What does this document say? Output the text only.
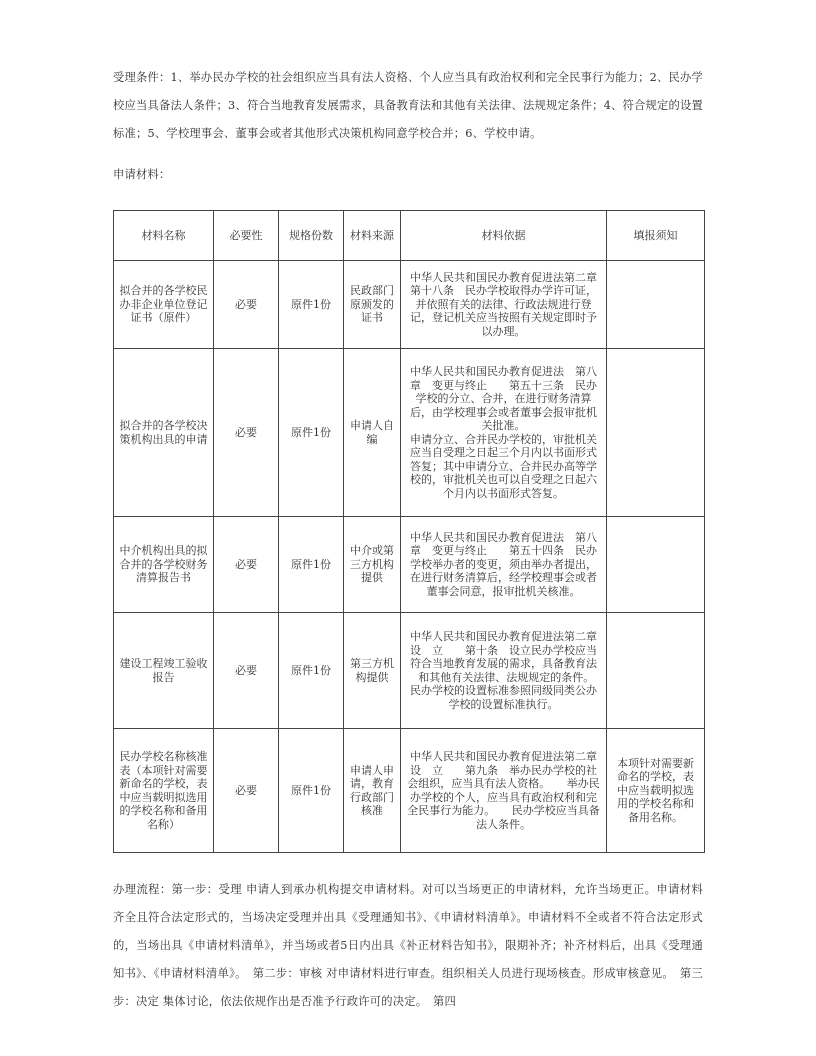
受理条件：1、举办民办学校的社会组织应当具有法人资格、个人应当具有政治权利和完全民事行为能力；2、民办学校应当具备法人条件；3、符合当地教育发展需求，具备教育法和其他有关法律、法规规定条件；4、符合规定的设置标准；5、学校理事会、董事会或者其他形式决策机构同意学校合并；6、学校申请。

申请材料：

材料名称	必要性	规格份数	材料来源	材料依据	填报须知
拟合并的各学校民办非企业单位登记证书（原件）	必要	原件1份	民政部门原颁发的证书	中华人民共和国民办教育促进法第二章第十八条　民办学校取得办学许可证，并依照有关的法律、行政法规进行登记，登记机关应当按照有关规定即时予以办理。	
拟合并的各学校决策机构出具的申请	必要	原件1份	申请人自编	中华人民共和国民办教育促进法　第八章　变更与终止　　第五十三条　民办学校的分立、合并，在进行财务清算后，由学校理事会或者董事会报审批机关批准。
申请分立、合并民办学校的，审批机关应当自受理之日起三个月内以书面形式答复；其中申请分立、合并民办高等学校的，审批机关也可以自受理之日起六个月内以书面形式答复。	
中介机构出具的拟合并的各学校财务清算报告书	必要	原件1份	中介或第三方机构提供	中华人民共和国民办教育促进法　第八章　变更与终止　　第五十四条　民办学校举办者的变更，须由举办者提出，在进行财务清算后，经学校理事会或者董事会同意，报审批机关核准。	
建设工程竣工验收报告	必要	原件1份	第三方机构提供	中华人民共和国民办教育促进法第二章　设　立　　第十条　设立民办学校应当符合当地教育发展的需求，具备教育法和其他有关法律、法规规定的条件。　　民办学校的设置标准参照同级同类公办学校的设置标准执行。	
民办学校名称核准表（本项针对需要新命名的学校，表中应当载明拟选用的学校名称和备用名称）	必要	原件1份	申请人申请，教育行政部门核准	中华人民共和国民办教育促进法第二章　设　立　　第九条　举办民办学校的社会组织，应当具有法人资格。　　举办民办学校的个人，应当具有政治权利和完全民事行为能力。　　民办学校应当具备法人条件。	本项针对需要新命名的学校，表中应当载明拟选用的学校名称和备用名称。

办理流程：第一步：受理 申请人到承办机构提交申请材料。对可以当场更正的申请材料，允许当场更正。申请材料齐全且符合法定形式的，当场决定受理并出具《受理通知书》、《申请材料清单》。申请材料不全或者不符合法定形式的，当场出具《申请材料清单》，并当场或者5日内出具《补正材料告知书》，限期补齐；补齐材料后，出具《受理通知书》、《申请材料清单》。　第二步：审核 对申请材料进行审查。组织相关人员进行现场核查。形成审核意见。　第三步：决定 集体讨论，依法依规作出是否准予行政许可的决定。　第四
